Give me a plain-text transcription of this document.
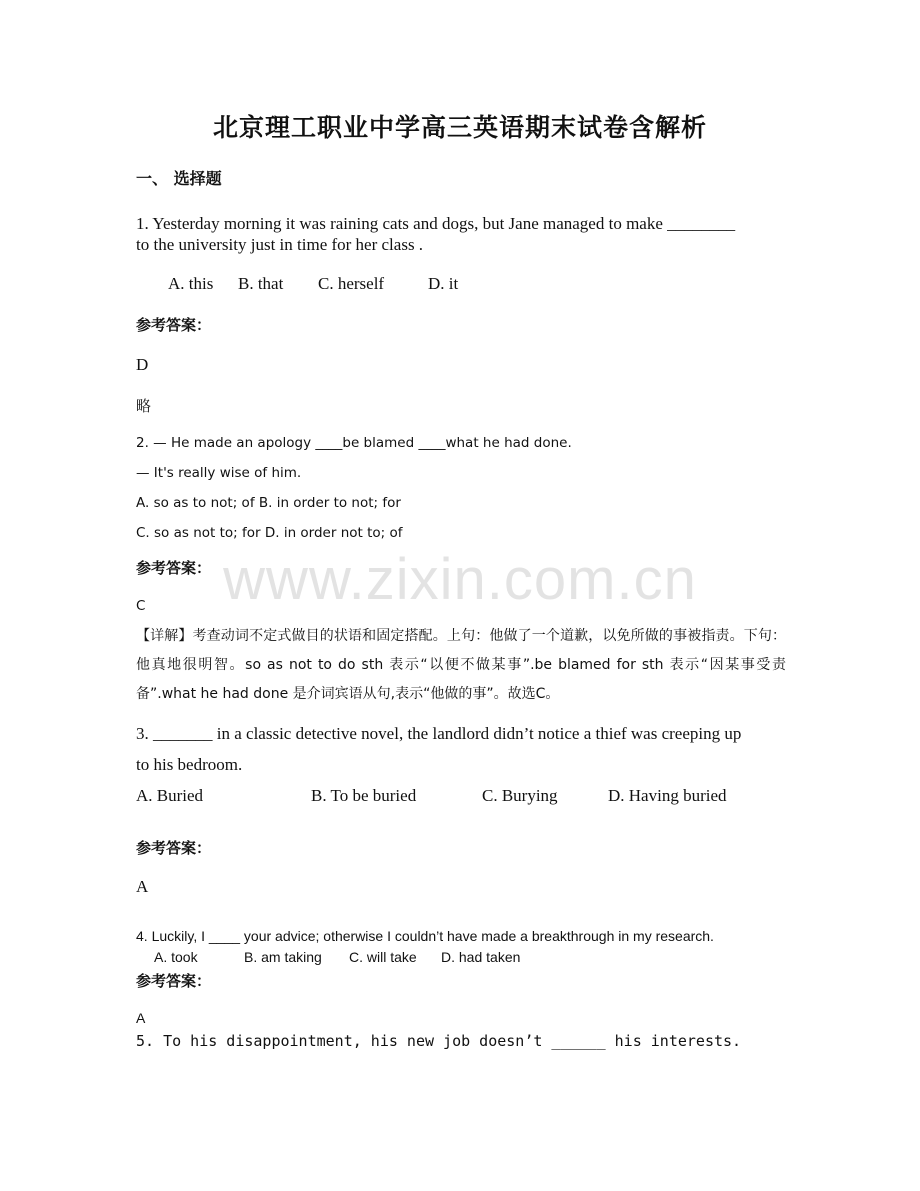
www.zixin.com.cn
北京理工职业中学高三英语期末试卷含解析
一、 选择题
1. Yesterday morning it was raining cats and dogs, but Jane managed to make ________
to the university just in time for her class .
A. this B. that C. herself	D. it
参考答案：
D
略
2. — He made an apology ____be blamed ____what he had done.
— It's really wise of him.
A. so as to not; of B. in order to not; for
C. so as not to; for D. in order not to; of
参考答案：
C
【详解】考查动词不定式做目的状语和固定搭配。上句：他做了一个道歉，以免所做的事被指责。下句：他真地很明智。so as not to do sth 表示“以便不做某事”.be blamed for sth 表示“因某事受责备”.what he had done 是介词宾语从句,表示“他做的事”。故选C。
3. _______ in a classic detective novel, the landlord didn’t notice a thief was creeping up
to his bedroom.
A. Buried	B. To be buried	C. Burying	D. Having buried
参考答案：
A
4. Luckily, I ____ your advice; otherwise I couldn’t have made a breakthrough in my research.
A. took	B. am taking C. will take D. had taken
参考答案：
A
5. To his disappointment, his new job doesn’t ______ his interests.
